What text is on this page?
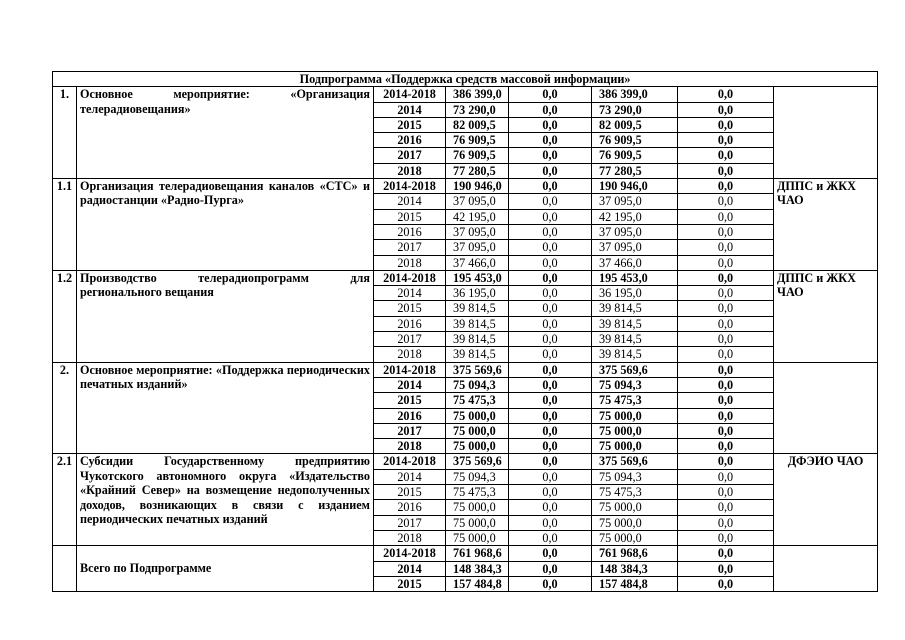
Подпрограмма «Поддержка средств массовой информации»							
1.	Основное мероприятие: «Организация телерадиовещания»	2014-2018	386 399,0	0,0	386 399,0	0,0	
		2014	73 290,0	0,0	73 290,0	0,0	
		2015	82 009,5	0,0	82 009,5	0,0	
		2016	76 909,5	0,0	76 909,5	0,0	
		2017	76 909,5	0,0	76 909,5	0,0	
		2018	77 280,5	0,0	77 280,5	0,0	
1.1	Организация телерадиовещания каналов «СТС» и радиостанции «Радио-Пурга»	2014-2018	190 946,0	0,0	190 946,0	0,0	ДППС и ЖКХ ЧАО
		2014	37 095,0	0,0	37 095,0	0,0	
		2015	42 195,0	0,0	42 195,0	0,0	
		2016	37 095,0	0,0	37 095,0	0,0	
		2017	37 095,0	0,0	37 095,0	0,0	
		2018	37 466,0	0,0	37 466,0	0,0	
1.2	Производство телерадиопрограмм для регионального вещания	2014-2018	195 453,0	0,0	195 453,0	0,0	ДППС и ЖКХ ЧАО
		2014	36 195,0	0,0	36 195,0	0,0	
		2015	39 814,5	0,0	39 814,5	0,0	
		2016	39 814,5	0,0	39 814,5	0,0	
		2017	39 814,5	0,0	39 814,5	0,0	
		2018	39 814,5	0,0	39 814,5	0,0	
2.	Основное мероприятие: «Поддержка периодических печатных изданий»	2014-2018	375 569,6	0,0	375 569,6	0,0	
		2014	75 094,3	0,0	75 094,3	0,0	
		2015	75 475,3	0,0	75 475,3	0,0	
		2016	75 000,0	0,0	75 000,0	0,0	
		2017	75 000,0	0,0	75 000,0	0,0	
		2018	75 000,0	0,0	75 000,0	0,0	
2.1	Субсидии Государственному предприятию Чукотского автономного округа «Издательство «Крайний Север» на возмещение недополученных доходов, возникающих в связи с изданием периодических печатных изданий	2014-2018	375 569,6	0,0	375 569,6	0,0	ДФЭИО ЧАО
		2014	75 094,3	0,0	75 094,3	0,0	
		2015	75 475,3	0,0	75 475,3	0,0	
		2016	75 000,0	0,0	75 000,0	0,0	
		2017	75 000,0	0,0	75 000,0	0,0	
		2018	75 000,0	0,0	75 000,0	0,0	
	Всего по Подпрограмме	2014-2018	761 968,6	0,0	761 968,6	0,0	
		2014	148 384,3	0,0	148 384,3	0,0	
		2015	157 484,8	0,0	157 484,8	0,0	
